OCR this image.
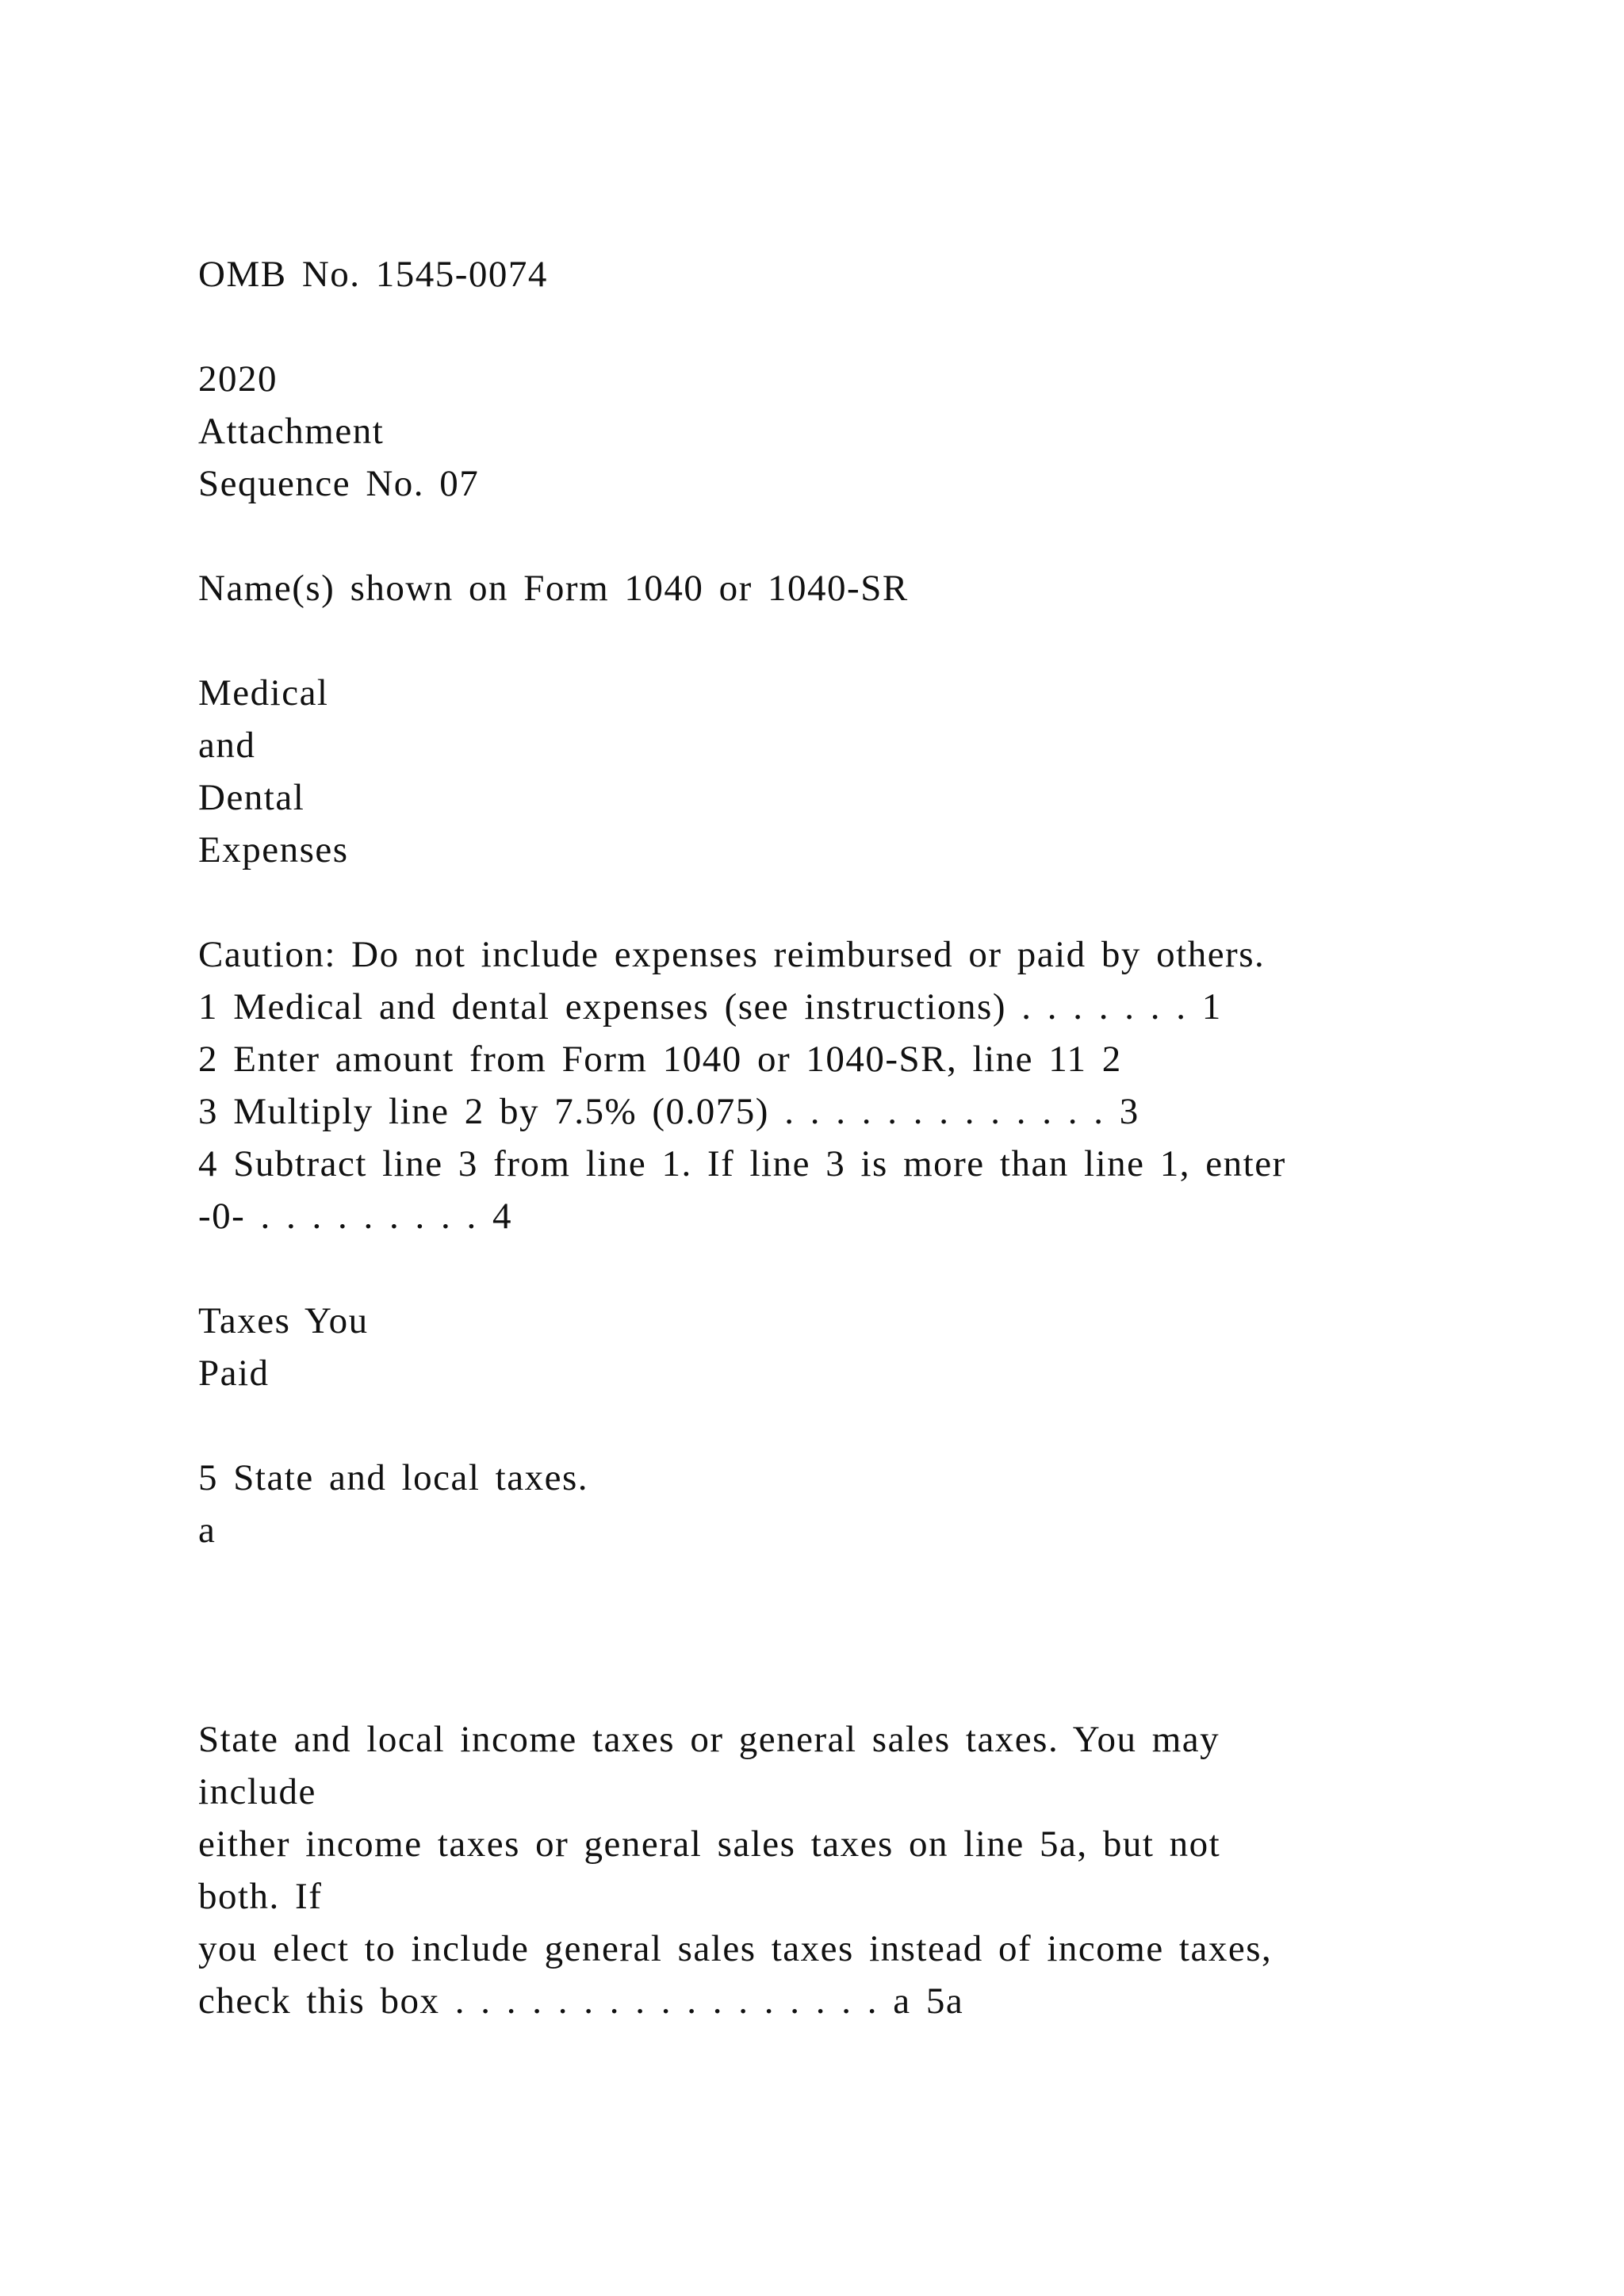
OMB No. 1545-0074
2020
Attachment
Sequence No. 07
Name(s) shown on Form 1040 or 1040-SR
Medical
and
Dental
Expenses
Caution: Do not include expenses reimbursed or paid by others.
1 Medical and dental expenses (see instructions) . . . . . . . 1
2 Enter amount from Form 1040 or 1040-SR, line 11 2
3 Multiply line 2 by 7.5% (0.075) . . . . . . . . . . . . . 3
4 Subtract line 3 from line 1. If line 3 is more than line 1, enter
-0- . . . . . . . . . 4
Taxes You
Paid
5 State and local taxes.
a
State and local income taxes or general sales taxes. You may
include
either income taxes or general sales taxes on line 5a, but not
both. If
you elect to include general sales taxes instead of income taxes,
check this box . . . . . . . . . . . . . . . . . a 5a
